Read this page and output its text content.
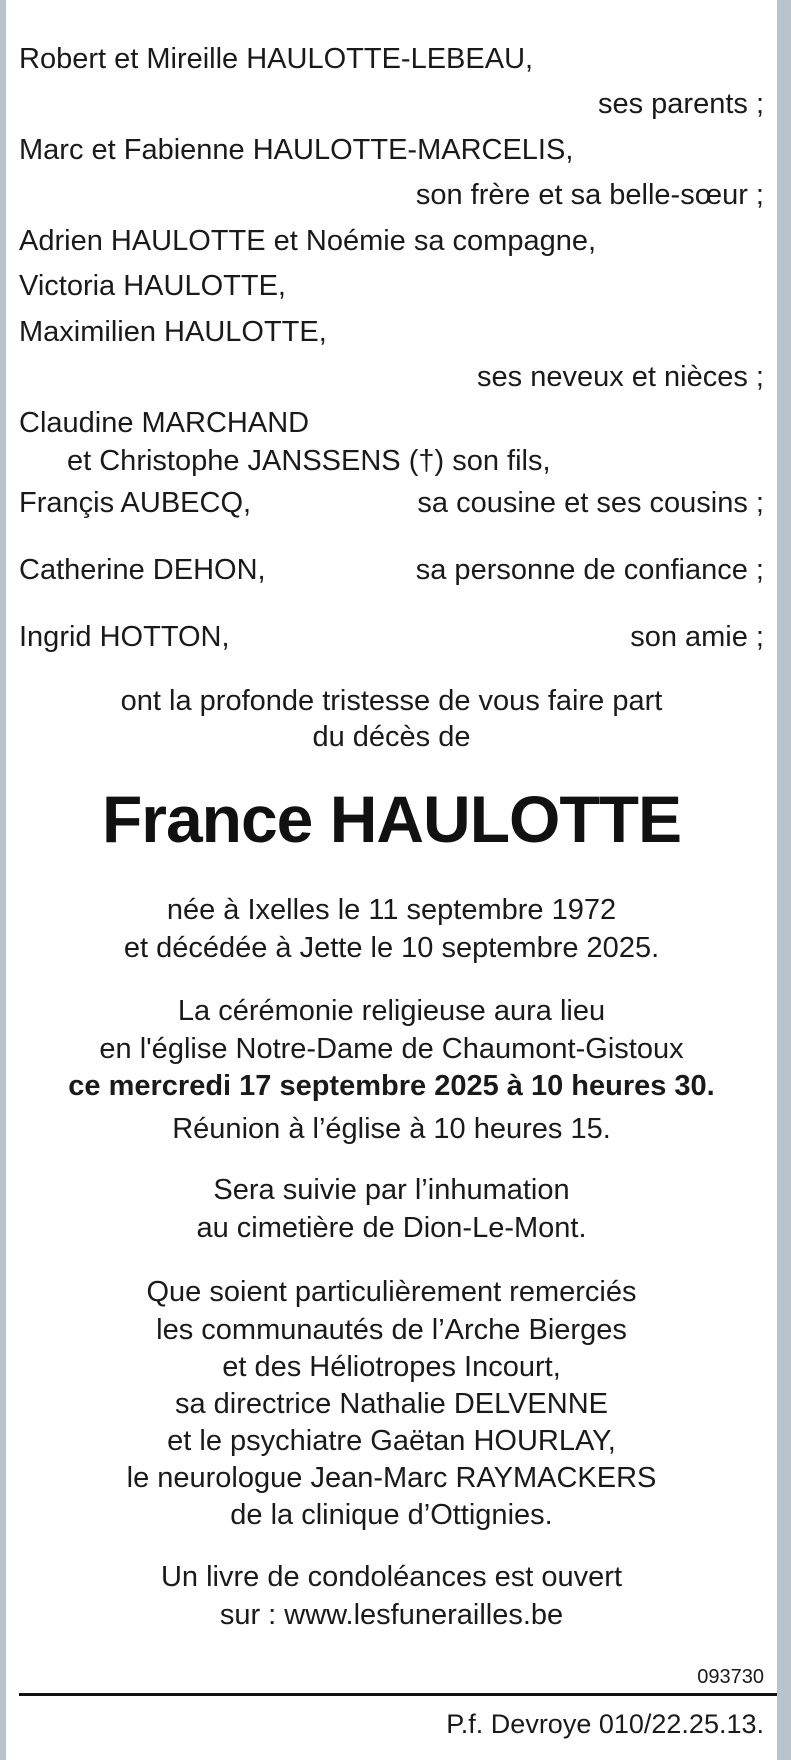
Robert et Mireille HAULOTTE-LEBEAU,
ses parents ;
Marc et Fabienne HAULOTTE-MARCELIS,
son frère et sa belle-sœur ;
Adrien HAULOTTE et Noémie sa compagne,
Victoria HAULOTTE,
Maximilien HAULOTTE,
ses neveux et nièces ;
Claudine MARCHAND
et Christophe JANSSENS (†) son fils,
Françis AUBECQ,	sa cousine et ses cousins ;
Catherine DEHON,	sa personne de confiance ;
Ingrid HOTTON,	son amie ;
ont la profonde tristesse de vous faire part
du décès de
France HAULOTTE
née à Ixelles le 11 septembre 1972
et décédée à Jette le 10 septembre 2025.
La cérémonie religieuse aura lieu
en l'église Notre-Dame de Chaumont-Gistoux
ce mercredi 17 septembre 2025 à 10 heures 30.
Réunion à l’église à 10 heures 15.
Sera suivie par l’inhumation
au cimetière de Dion-Le-Mont.
Que soient particulièrement remerciés
les communautés de l’Arche Bierges
et des Héliotropes Incourt,
sa directrice Nathalie DELVENNE
et le psychiatre Gaëtan HOURLAY,
le neurologue Jean-Marc RAYMACKERS
de la clinique d’Ottignies.
Un livre de condoléances est ouvert
sur : www.lesfunerailles.be
093730
P.f. Devroye 010/22.25.13.
